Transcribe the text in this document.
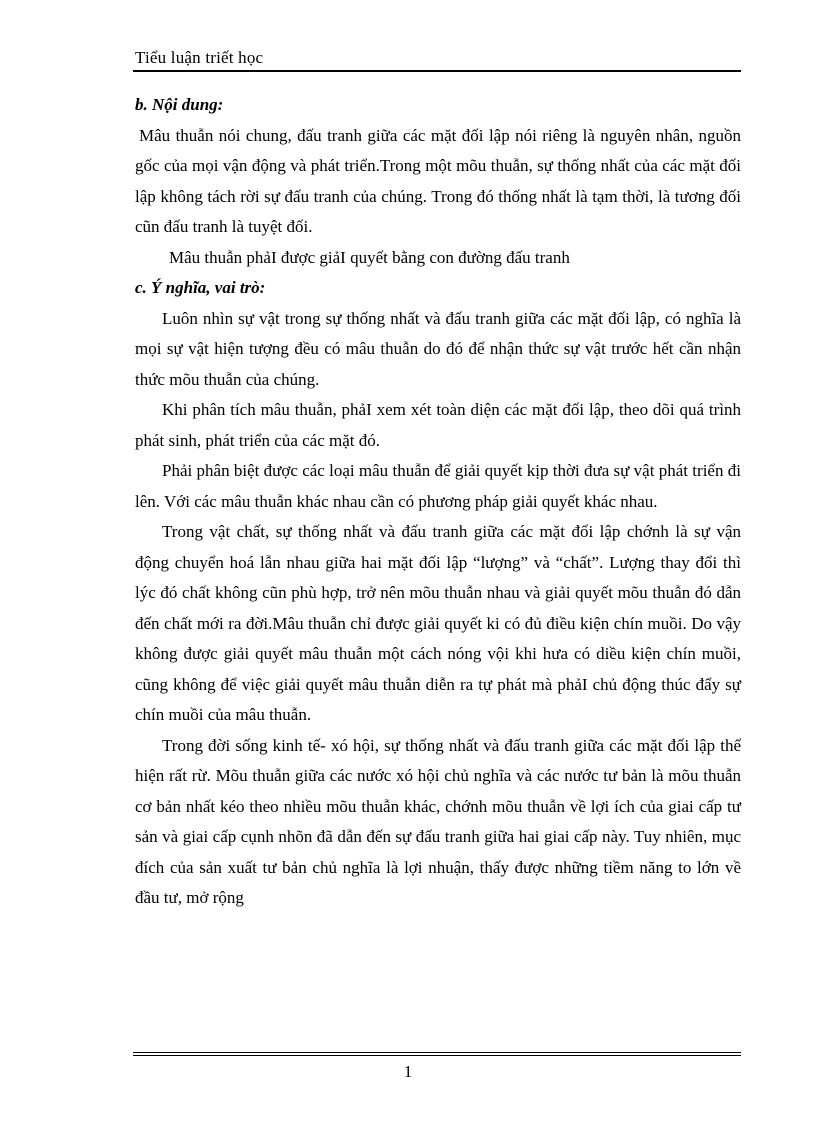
Tiểu luận triết học

b. Nội dung:

Mâu thuẫn nói chung, đấu tranh giữa các mặt đối lập nói riêng là nguyên nhân, nguồn gốc của mọi vận động và phát triển.Trong một mõu thuẫn, sự thống nhất của các mặt đối lập không tách rời sự đấu tranh của chúng. Trong đó thống nhất là tạm thời, là tương đối cũn đấu tranh là tuyệt đối.

Mâu thuẫn phảI được giảI quyết bằng con đường đấu tranh

c. Ý nghĩa, vai trò:

Luôn nhìn sự vật trong sự thống nhất và đấu tranh giữa các mặt đối lập, có nghĩa là mọi sự vật hiện tượng đều có mâu thuẫn do đó để nhận thức sự vật trước hết cần nhận thức mõu thuẫn của chúng.

Khi phân tích mâu thuẫn, phảI xem xét toàn diện các mặt đối lập, theo dõi quá trình phát sinh, phát triển của các mặt đó.

Phải phân biệt được các loại mâu thuẫn để giải quyết kịp thời đưa sự vật phát triển đi lên. Với các mâu thuẫn khác nhau cần có phương pháp giải quyết khác nhau.

Trong vật chất, sự thống nhất và đấu tranh giữa các mặt đối lập chớnh là sự vận động chuyển hoá lẫn nhau giữa hai mặt đối lập “lượng” và “chất”. Lượng thay đổi thì lýc đó chất không cũn phù hợp, trở nên mõu thuẫn nhau và giải quyết mõu thuẫn đó dẫn đến chất mới ra đời.Mâu thuẫn chỉ được giải quyết ki có đủ điều kiện chín muồi. Do vậy không được giải quyết mâu thuẫn một cách nóng vội khi hưa có diều kiện chín muồi, cũng không để việc giải quyết mâu thuẫn diễn ra tự phát mà phảI chủ động thúc đẩy sự chín muồi của mâu thuẫn.

Trong đời sống kinh tế- xó hội, sự thống nhất và đấu tranh giữa các mặt đối lập thể hiện rất rừ. Mõu thuẫn giữa các nước xó hội chủ nghĩa và các nước tư bản là mõu thuẫn cơ bản nhất kéo theo nhiều mõu thuẫn khác, chớnh mõu thuẫn về lợi ích của giai cấp tư sản và giai cấp cụnh nhõn đã dẫn đến sự đấu tranh giữa hai giai cấp này. Tuy nhiên, mục đích của sản xuất tư bản chủ nghĩa là lợi nhuận, thấy được những tiềm năng to lớn về đầu tư, mở rộng

1
